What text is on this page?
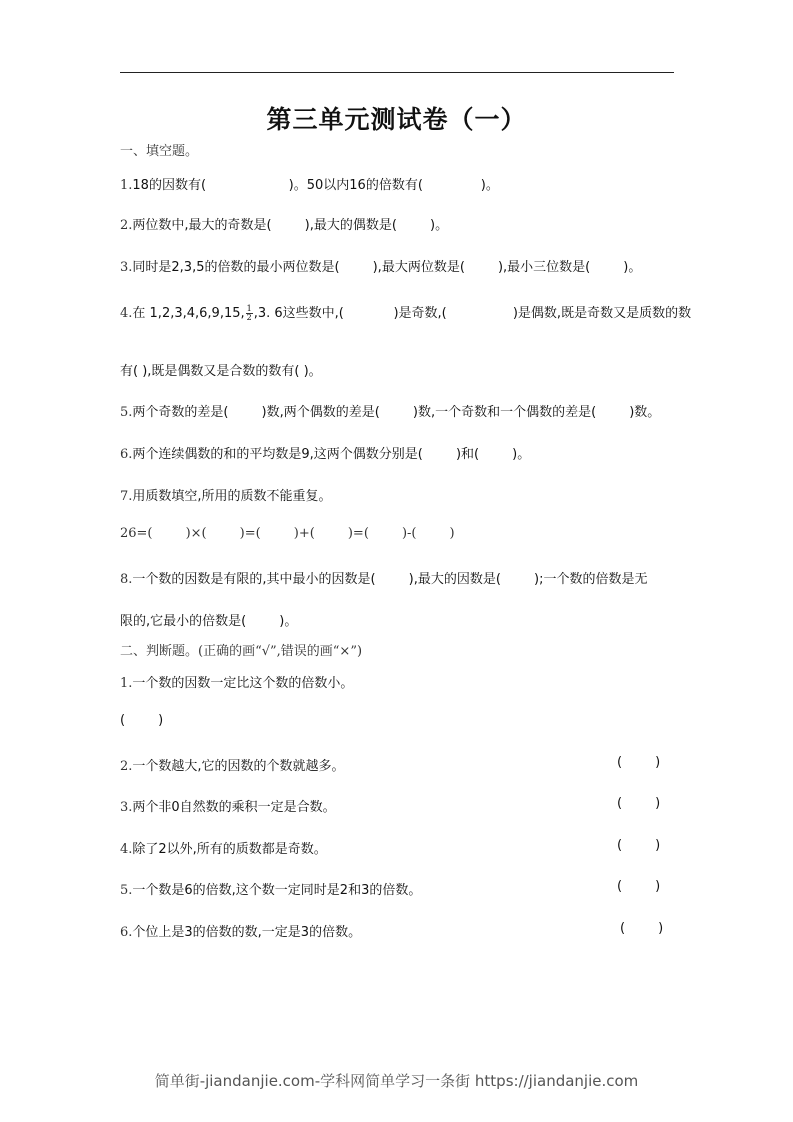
第三单元测试卷（一）
一、填空题。
1.18的因数有(                    )。50以内16的倍数有(              )。
2.两位数中,最大的奇数是(        ),最大的偶数是(        )。
3.同时是2,3,5的倍数的最小两位数是(        ),最大两位数是(        ),最小三位数是(        )。
4.在 1,2,3,4,6,9,15, $\frac{1}{2} ,3$. 6这些数中,(            )是奇数,(                )是偶数,既是奇数又是质数的数
有( ),既是偶数又是合数的数有( )。
5.两个奇数的差是(        )数,两个偶数的差是(        )数,一个奇数和一个偶数的差是(        )数。
6.两个连续偶数的和的平均数是9,这两个偶数分别是(        )和(        )。
7.用质数填空,所用的质数不能重复。
26=(        )×(        )=(        )+(        )=(        )-(        )
8.一个数的因数是有限的,其中最小的因数是(        ),最大的因数是(        );一个数的倍数是无
限的,它最小的倍数是(        )。
二、判断题。(正确的画“√”,错误的画“×”)
1.一个数的因数一定比这个数的倍数小。
(        )
2.一个数越大,它的因数的个数就越多。	(        )
3.两个非0自然数的乘积一定是合数。	(        )
4.除了2以外,所有的质数都是奇数。	(        )
5.一个数是6的倍数,这个数一定同时是2和3的倍数。	(        )
6.个位上是3的倍数的数,一定是3的倍数。	(        )
简单街-jiandanjie.com-学科网简单学习一条街 https://jiandanjie.com
